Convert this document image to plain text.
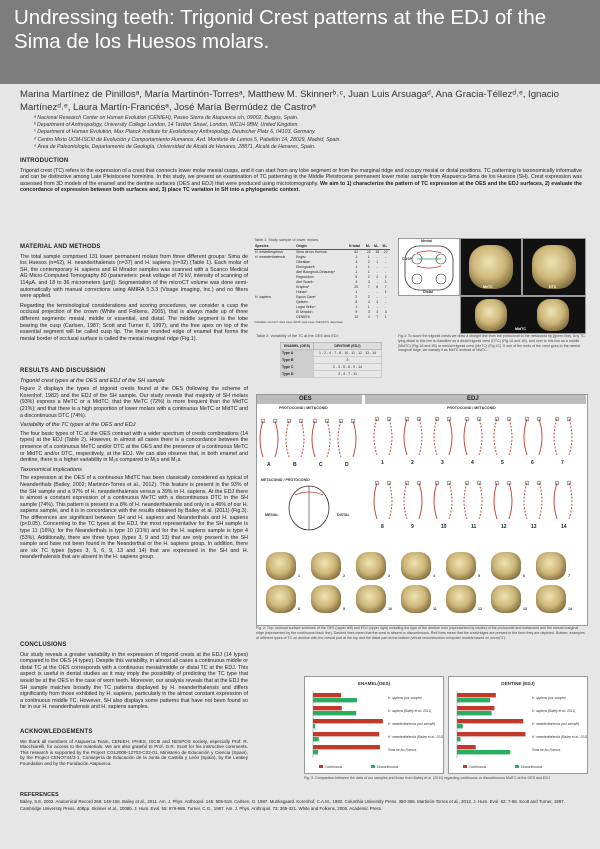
Undressing teeth: Trigonid Crest patterns at the EDJ of the Sima de los Huesos molars.
Marina Martínez de Pinillosᵃ, María Martinón-Torresᵃ, Matthew M. Skinnerᵇ˒ᶜ, Juan Luis Arsuagaᵈ, Ana Gracia-Téllezᵈ˒ᵉ, Ignacio Martínezᵈ˒ᵉ, Laura Martín-Francésᵃ, José María Bermúdez de Castroᵃ
ᵃ Nacional Research Center on Human Evolution (CENIEH), Paseo Sierra de Atapuerca s/n, 09002, Burgos, Spain.
ᵇ Department of Anthropology, University College London, 14 Taviton Street, London, WC1H 0BW, United Kingdom.
ᶜ Department of Human Evolution, Max Planck Institute for Evolutionary Anthropology, Deutscher Platz 6, 04103, Germany.
ᵈ Centro Mixto UCM-ISCIII de Evolución y Comportamiento Humanos, Avd. Monforte de Lemos 5, Pabellón 14, 28029, Madrid, Spain.
ᵉ Área de Paleontología, Departamento de Geología, Universidad de Alcalá de Henares, 28871, Alcalá de Henares, Spain.
INTRODUCTION

Trigonid crest (TC) refers to the expression of a crest that connects lower molar mesial cusps, and it can start from any lobe segment or from the marginal ridge and occupy mesial or distal positions. TC patterning is taxonomically informative and can be distinctive among Late Pleistocene hominins. In this study, we present an examination of TC patterning in the Middle Pleistocene permanent lower molar sample from Atapuerca-Sima de los Huesos (SH). Crest expression was assessed from 3D models of the enamel and the dentine surfaces (OES and EDJ) that were produced using microtomography. We aim to 1) characterize the pattern of TC expression at the OES and the EDJ surfaces, 2) evaluate the concordance of expression between both surfaces and, 3) place TC variation in SH into a phylogenetic context.

MATERIAL AND METHODS

The total sample comprised 131 lower permanent molars from three different groups: Sima de los Huesos (n=62), H. neanderthalensis (n=37) and H. sapiens (n=32) (Table 1). Each molar of SH, the contemporary H. sapiens and El Mirador samples was scanned with a Scanco Medical AG Micro-Computed Tomography 80 (parameters: peak voltage of 70 kV, intensity of scanning of 114µA, and 18 to 36 micrometers (µm)). Segmentation of the microCT volume was done semi-automatically with manual corrections using AMIRA 5.3.3 (Visage Imaging, Inc.) and no filters were applied.

Regarding the terminological considerations and scoring procedures, we consider a cusp the occlusal projection of the crown (White and Folkens, 2005), that is always made up of three different segments: mesial, middle or essential, and distal. The middle segment is the lobe bearing the cusp (Carlsen, 1987; Scott and Turner II, 1997), and the free apex on top of the essential segment will be called cusp tip. The linear rounded edge of enamel that forms the mesial border of occlusal surface is called the mesial marginal ridge (Fig.1).

RESULTS AND DISCUSSION
Trigonid crest types at the OES and EDJ of the SH sample

Figure 2 displays the types of trigonid crests found at the OES (following the scheme of Korenhof, 1982) and the EDJ of the SH sample. Our study reveals that majority of SH molars (93%) express a MeTC or a MidTC; that the MeTC (72%) is more frequent than the MidTC (21%); and that there is a high proportion of lower molars with a continuous MeTC or MidTC and a discontinuous DTC (74%).

Variability of the TC types at the OES and EDJ

The four basic types of TC at the OES contrast with a wider spectrum of crests combinations (14 types) at the EDJ (Table 2). However, in almost all cases there is a concordance between the presence of a continuous MeTC and/or DTC at the OES and the presence of a continuous MeTC or MidTC and/or DTC, respectively, at the EDJ. We can also observe that, in both enamel and dentine, there is a higher variability in M₂s compared to M₁s and M₃s.

Taxonomical implications

The expression at the OES of a continuous MidTC has been classically considered as typical of Neanderthals (Bailey, 2002; Martinón-Torres et al., 2012). This feature is present in the 93% of the SH sample and a 97% of H. neanderthalensis versus a 39% in H. sapiens. At the EDJ there is almost a constant expression of a continuous MeTC with a discontinuous DTC in the SH sample (74%). This pattern is present in a 8% of H. neanderthalensis and only in a 46% of our H. sapiens sample, and it is in concordance with the results obtained by Bailey et al. (2011) (Fig.3). The differences are significant between SH and H. sapiens and Neanderthals and H. sapiens (p<0.05). Concerning to the TC types at the EDJ, the most representative for the SH sample is type 11 (16%); for the Neanderthals is type 10 (21%) and for the H. sapiens sample is type 4 (53%). Additionally, there are three types (types 3, 9 and 13) that are only present in the SH sample and have not been found in the Neanderthal or the H. sapiens group. In addition, there are six TC types (types 3, 5, 6, 9, 13 and 14) that are expressed in the SH and H. neanderthalensis that are absent in the H. sapiens group.

CONCLUSIONS

Our study reveals a greater variability in the expression of trigonid crests at the EDJ (14 types) compared to the OES (4 types). Despite this variability, in almost all cases a continuous middle or distal TC at the OES corresponds with a continuous mesial/middle or distal TC at the EDJ. This aspect is useful in dental studies as it may imply the possibility of predicting the TC type that would be at the OES in the case of worn teeth. Moreover, our analysis reveals that at the EDJ the SH sample matches broadly the TC patterns displayed by H. neanderthalensis and differs significantly from those exhibited by H. sapiens, particularly in the almost constant expression of a continuous middle TC. However, SH also displays some patterns that have not been found so far in our H. neanderthalensis and H. sapiens samples.

ACKNOWLEDGEMENTS

We thank all members of Atapuerca Team, CENIEH, IPHES, ISCIII and NESPOS society, especially Prof. R. Macchiarelli, for access to the materials. We are also grateful to Prof. G.R. Scott for his instructive comments. This research is supported by the Project CGL2009-12703-C03-01, Ministerio de Educación y Ciencia (Spain), by the Project CENO744/2-1, Consejería de Educación de la Junta de Castilla y León (Spain), by the Leakey Foundation and by the Fundación Atapuerca.

Table 1: Study sample of lower molars.
Species	Origin	N total	M₁	M₂	M₃
H. heidelbergensis	Sima de los Huesos¹	62	22	18	22
H. neanderthalensis	Engis²	1	1	-	-
	Gibraltar²	3	2	1	-
	Ehringsdorf³	1	1	-	-
	Abri Bourgeois-Delaunay⁴	1	1	-	-
	Regourdou²	6	2	2	2
	Abri Suard²	4	3	-	1
	Krapina⁵	20	7	6	7
	Hunas⁴	1	-	-	1
H. sapiens	Equus Cave⁶	2	2	-	-
	Qafzeh²	8	4	4	-
	Lagar Velho⁴	1	1	-	-
	El Mirador¹	9	3	3	3
	CENIEH¹	12	4	7	1
¹CENIEH microCT data base ²EMP data base ³NESPOS data base
Table 2: Variability of the TC at the OES and EDJ
ENAMEL (OES)	DENTINE (EDJ)
Type A	1 - 2 - 4 - 7 - 8 - 10 - 11 - 12 - 13 - 14
Type B	3
Type C	2 - 3 - 5 - 6 - 9 - 14
Type D	2 - 4 - 7 - 11
Mesial
CUSP
Distal
MeTC	DTC
MidTC
Fig.1: To score the trigonid crests we draw a straight line from the protoconid to the metaconid tip (green line). Any TC lying distal to this line is classified as a distal trigonid crest (DTC) (Fig.1A and 1B), and over to this line as a middle (MidTC) (Fig.1A and 1B) or mesial trigonid crest (MeTC) (Fig.1C). If one of the ends of the crest goes to the mesial marginal ridge, we classify it as MeTC instead of MidTC.
OES	EDJ
PROTOCONID / METACONID	PROTOCONID / METACONID
A	B	C	D	1	2	3	4	5	6	7
8	9	10	11	12	13	14
METACONID / PROTOCONID
MESIAL	DISTAL
1	2	3	4	5	6	7
8	9	10	11	12	13	14
Fig. 2: Top: occlusal surface schemes of the OES (upper left) and EDJ (upper right) including the type of the dentine horn (represented by circles) of the protoconid and metaconid and the mesial marginal ridge (represented by the continuous black line). Dashed lines mean that the crest is absent or discontinuous. Red lines mean that the crest/ridges are present in the form they are depicted. Bottom: examples of different types of TC on dentine with the mesial part at the top and the distal part at the bottom (virtual reconstruction computer models based on microCT).
ENAMEL(OES)
H. sapiens (our sample)
H. sapiens (Bailey et al., 2011)
H. neanderthalensis (our sample)
H. neanderthalensis (Bailey et al., 2011)
Sima de los Huesos
Continuous	Discontinuous
DENTINE (EDJ)
H. sapiens (our sample)
H. sapiens (Bailey et al., 2011)
H. neanderthalensis (our sample)
H. neanderthalensis (Bailey et al., 2011)
Sima de los Huesos
Continuous	Discontinuous
Fig. 3: Comparison between the data of our samples and those from Bailey et al. (2011) regarding continuous or discontinuous MidTC at the OES and EDJ.
REFERENCES
Bailey, S.E. 2002. Anatomical Record 269: 148-156. Bailey et al., 2011. Am. J. Phys. Anthropol. 145: 505-518. Carlsen, O. 1987. Munksgaard. Korenhof, C.A.M., 1982. Columbia University Press. 350-365. Martinón-Torres et al., 2012. J. Hum. Evol. 62: 7-58. Scott and Turner, 1997. Cambridge University Press. 408pp. Skinner et al., 2008b. J. Hum. Evol. 55: 979-988. Turner, C.G., 1987. Am. J. Phys. Anthropol. 73: 305-321. White and Folkens, 2005. Academic Press.
